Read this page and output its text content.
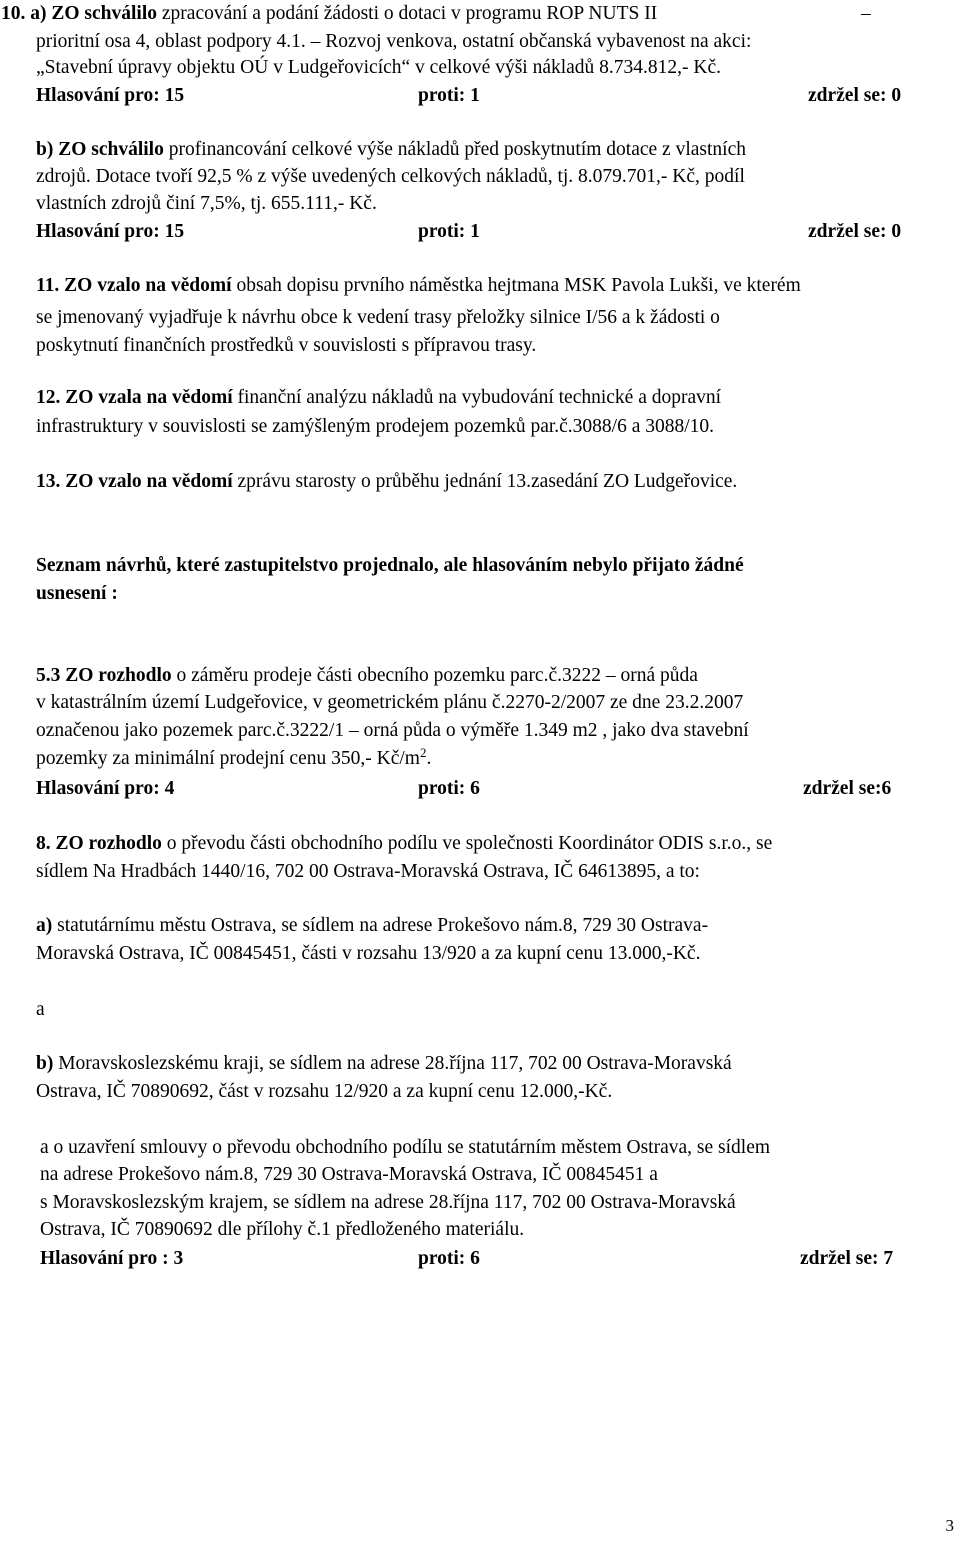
10. a) ZO schválilo zpracování a podání žádosti o dotaci v programu ROP NUTS II	–
prioritní osa 4, oblast podpory 4.1. – Rozvoj venkova, ostatní občanská vybavenost na akci:
„Stavební úpravy objektu OÚ v Ludgeřovicích“ v celkové výši nákladů 8.734.812,- Kč.
Hlasování pro: 15	proti: 1	zdržel se: 0
b) ZO schválilo profinancování celkové výše nákladů před poskytnutím dotace z vlastních
zdrojů. Dotace tvoří 92,5 % z výše uvedených celkových nákladů, tj. 8.079.701,- Kč, podíl
vlastních zdrojů činí 7,5%, tj. 655.111,- Kč.
Hlasování pro: 15	proti: 1	zdržel se: 0
11. ZO vzalo na vědomí obsah dopisu prvního náměstka hejtmana MSK Pavola Lukši, ve kterém
se jmenovaný vyjadřuje k návrhu obce k vedení trasy přeložky silnice I/56 a k žádosti o
poskytnutí finančních prostředků v souvislosti s přípravou trasy.
12. ZO vzala na vědomí finanční analýzu nákladů na vybudování technické a dopravní
infrastruktury v souvislosti se zamýšleným prodejem pozemků par.č.3088/6 a 3088/10.
13. ZO vzalo na vědomí zprávu starosty o průběhu jednání 13.zasedání ZO Ludgeřovice.
Seznam návrhů, které zastupitelstvo projednalo, ale hlasováním nebylo přijato žádné
usnesení :
5.3 ZO rozhodlo o záměru prodeje části obecního pozemku parc.č.3222 – orná půda
v katastrálním území Ludgeřovice, v geometrickém plánu č.2270-2/2007 ze dne 23.2.2007
označenou jako pozemek parc.č.3222/1 – orná půda o výměře 1.349 m2 , jako dva stavební
pozemky za minimální prodejní cenu 350,- $Kč/m^2$.
Hlasování pro: 4	proti: 6	zdržel se:6
8. ZO rozhodlo o převodu části obchodního podílu ve společnosti Koordinátor ODIS s.r.o., se
sídlem Na Hradbách 1440/16, 702 00 Ostrava-Moravská Ostrava, IČ 64613895, a to:
a) statutárnímu městu Ostrava, se sídlem na adrese Prokešovo nám.8, 729 30 Ostrava-
Moravská Ostrava, IČ 00845451, části v rozsahu 13/920 a za kupní cenu 13.000,-Kč.
a
b) Moravskoslezskému kraji, se sídlem na adrese 28.října 117, 702 00 Ostrava-Moravská
Ostrava, IČ 70890692, část v rozsahu 12/920 a za kupní cenu 12.000,-Kč.
a o uzavření smlouvy o převodu obchodního podílu se statutárním městem Ostrava, se sídlem
na adrese Prokešovo nám.8, 729 30 Ostrava-Moravská Ostrava, IČ 00845451 a
s Moravskoslezským krajem, se sídlem na adrese 28.října 117, 702 00 Ostrava-Moravská
Ostrava, IČ 70890692 dle přílohy č.1 předloženého materiálu.
Hlasování pro : 3	proti: 6	zdržel se: 7
3
